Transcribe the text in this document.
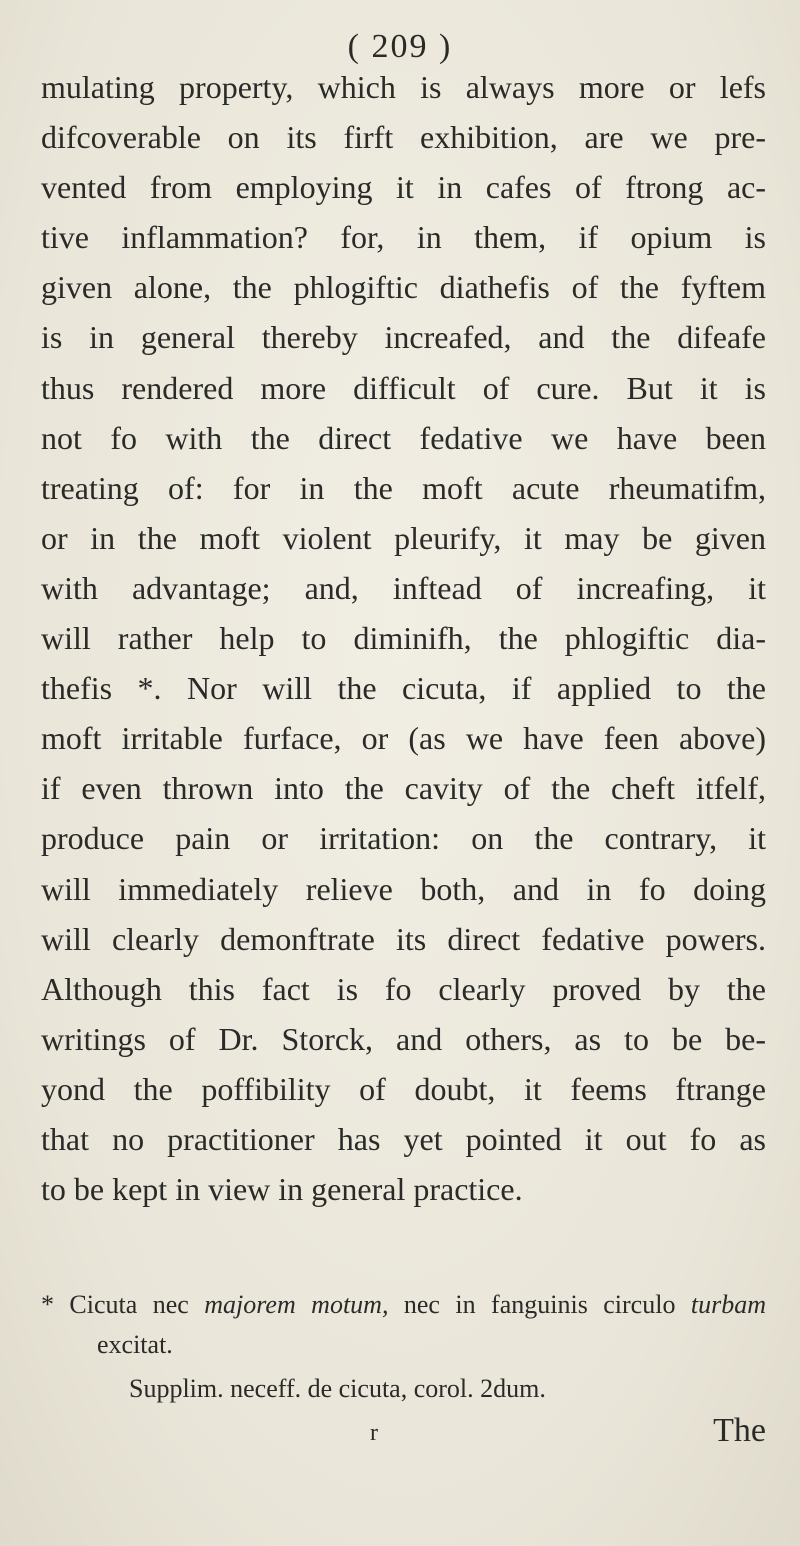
( 209 )
mulating property, which is always more or lefs
difcoverable on its firft exhibition, are we pre-
vented from employing it in cafes of ftrong ac-
tive inflammation? for, in them, if opium is
given alone, the phlogiftic diathefis of the fyftem
is in general thereby increafed, and the difeafe
thus rendered more difficult of cure. But it is
not fo with the direct fedative we have been
treating of: for in the moft acute rheumatifm,
or in the moft violent pleurify, it may be given
with advantage; and, inftead of increafing, it
will rather help to diminifh, the phlogiftic dia-
thefis *. Nor will the cicuta, if applied to the
moft irritable furface, or (as we have feen above)
if even thrown into the cavity of the cheft itfelf,
produce pain or irritation: on the contrary, it
will immediately relieve both, and in fo doing
will clearly demonftrate its direct fedative powers.
Although this fact is fo clearly proved by the
writings of Dr. Storck, and others, as to be be-
yond the poffibility of doubt, it feems ftrange
that no practitioner has yet pointed it out fo as
to be kept in view in general practice.
* Cicuta nec majorem motum, nec in fanguinis circulo turbam
excitat.
Supplim. neceff. de cicuta, corol. 2dum.
r	The
